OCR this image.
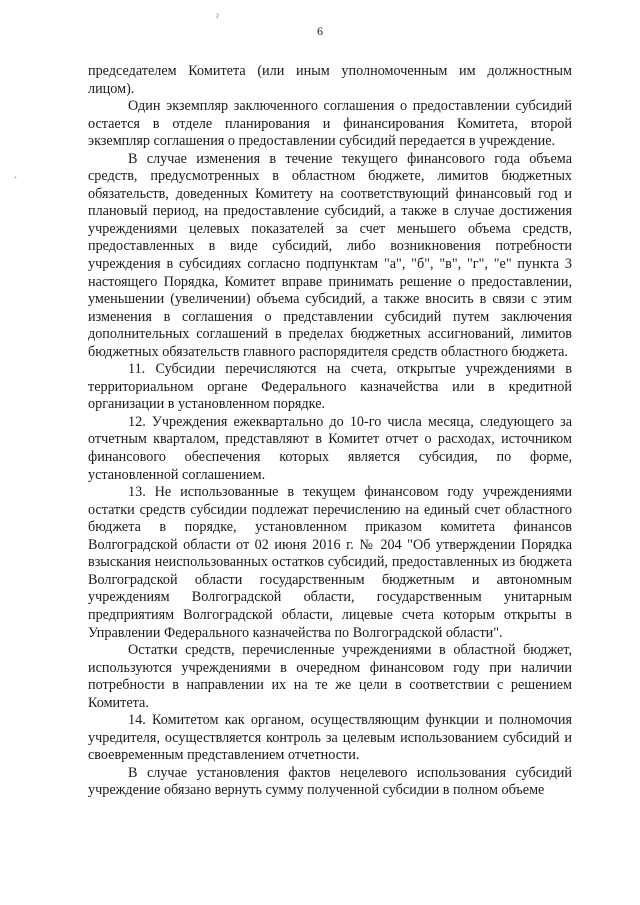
6
ˀ
·

председателем Комитета (или иным уполномоченным им должностным лицом).

Один экземпляр заключенного соглашения о предоставлении субсидий остается в отделе планирования и финансирования Комитета, второй экземпляр соглашения о предоставлении субсидий передается в учреждение.

В случае изменения в течение текущего финансового года объема средств, предусмотренных в областном бюджете, лимитов бюджетных обязательств, доведенных Комитету на соответствующий финансовый год и плановый период, на предоставление субсидий, а также в случае достижения учреждениями целевых показателей за счет меньшего объема средств, предоставленных в виде субсидий, либо возникновения потребности учреждения в субсидиях согласно подпунктам "а", "б", "в", "г", "е" пункта 3 настоящего Порядка, Комитет вправе принимать решение о предоставлении, уменьшении (увеличении) объема субсидий, а также вносить в связи с этим изменения в соглашения о представлении субсидий путем заключения дополнительных соглашений в пределах бюджетных ассигнований, лимитов бюджетных обязательств главного распорядителя средств областного бюджета.

11. Субсидии перечисляются на счета, открытые учреждениями в территориальном органе Федерального казначейства или в кредитной организации в установленном порядке.

12. Учреждения ежеквартально до 10-го числа месяца, следующего за отчетным кварталом, представляют в Комитет отчет о расходах, источником финансового обеспечения которых является субсидия, по форме, установленной соглашением.

13. Не использованные в текущем финансовом году учреждениями остатки средств субсидии подлежат перечислению на единый счет областного бюджета в порядке, установленном приказом комитета финансов Волгоградской области от 02 июня 2016 г. № 204 "Об утверждении Порядка взыскания неиспользованных остатков субсидий, предоставленных из бюджета Волгоградской области государственным бюджетным и автономным учреждениям Волгоградской области, государственным унитарным предприятиям Волгоградской области, лицевые счета которым открыты в Управлении Федерального казначейства по Волгоградской области".

Остатки средств, перечисленные учреждениями в областной бюджет, используются учреждениями в очередном финансовом году при наличии потребности в направлении их на те же цели в соответствии с решением Комитета.

14. Комитетом как органом, осуществляющим функции и полномочия учредителя, осуществляется контроль за целевым использованием субсидий и своевременным представлением отчетности.

В случае установления фактов нецелевого использования субсидий учреждение обязано вернуть сумму полученной субсидии в полном объеме
